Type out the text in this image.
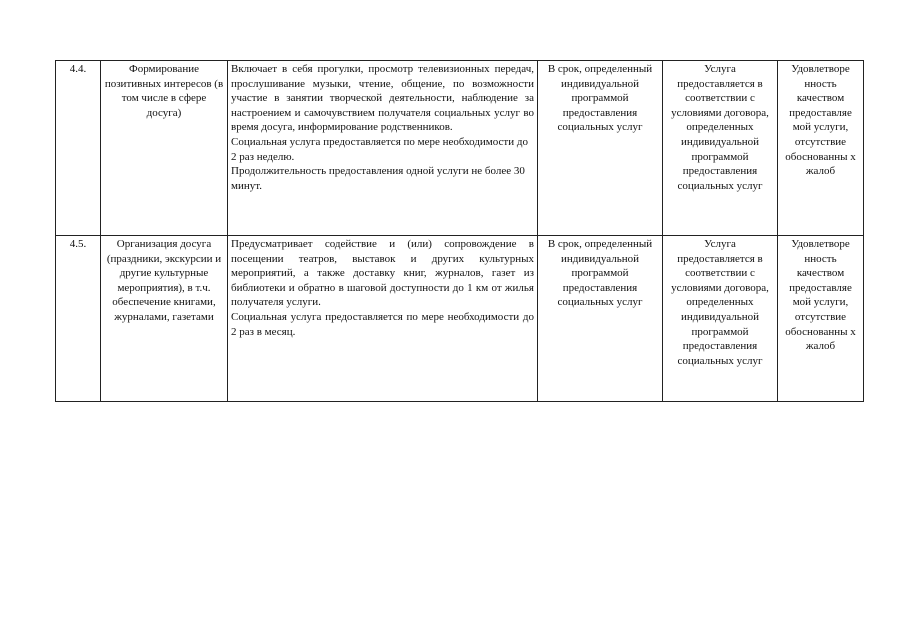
4.4.	Формирование позитивных интересов (в том числе в сфере досуга)	Включает в себя прогулки, просмотр телевизионных передач, прослушивание музыки, чтение, общение, по возможности участие в занятии творческой деятельности, наблюдение за настроением и самочувствием получателя социальных услуг во время досуга, информирование родственников.

Социальная услуга предоставляется по мере необходимости до 2 раз неделю.

Продолжительность предоставления одной услуги не более 30 минут.	В срок, определенный индивидуальной программой предоставления социальных услуг	Услуга предоставляется в соответствии с условиями договора, определенных индивидуальной программой предоставления социальных услуг	Удовлетворе нность качеством предоставляе мой услуги, отсутствие обоснованны х жалоб
4.5.	Организация досуга (праздники, экскурсии и другие культурные мероприятия), в т.ч. обеспечение книгами, журналами, газетами	Предусматривает содействие и (или) сопровождение в посещении театров, выставок и других культурных мероприятий, а также доставку книг, журналов, газет из библиотеки и обратно в шаговой доступности до 1 км от жилья получателя услуги.

Социальная услуга предоставляется по мере необходимости до 2 раз в месяц.	В срок, определенный индивидуальной программой предоставления социальных услуг	Услуга предоставляется в соответствии с условиями договора, определенных индивидуальной программой предоставления социальных услуг	Удовлетворе нность качеством предоставляе мой услуги, отсутствие обоснованны х жалоб
